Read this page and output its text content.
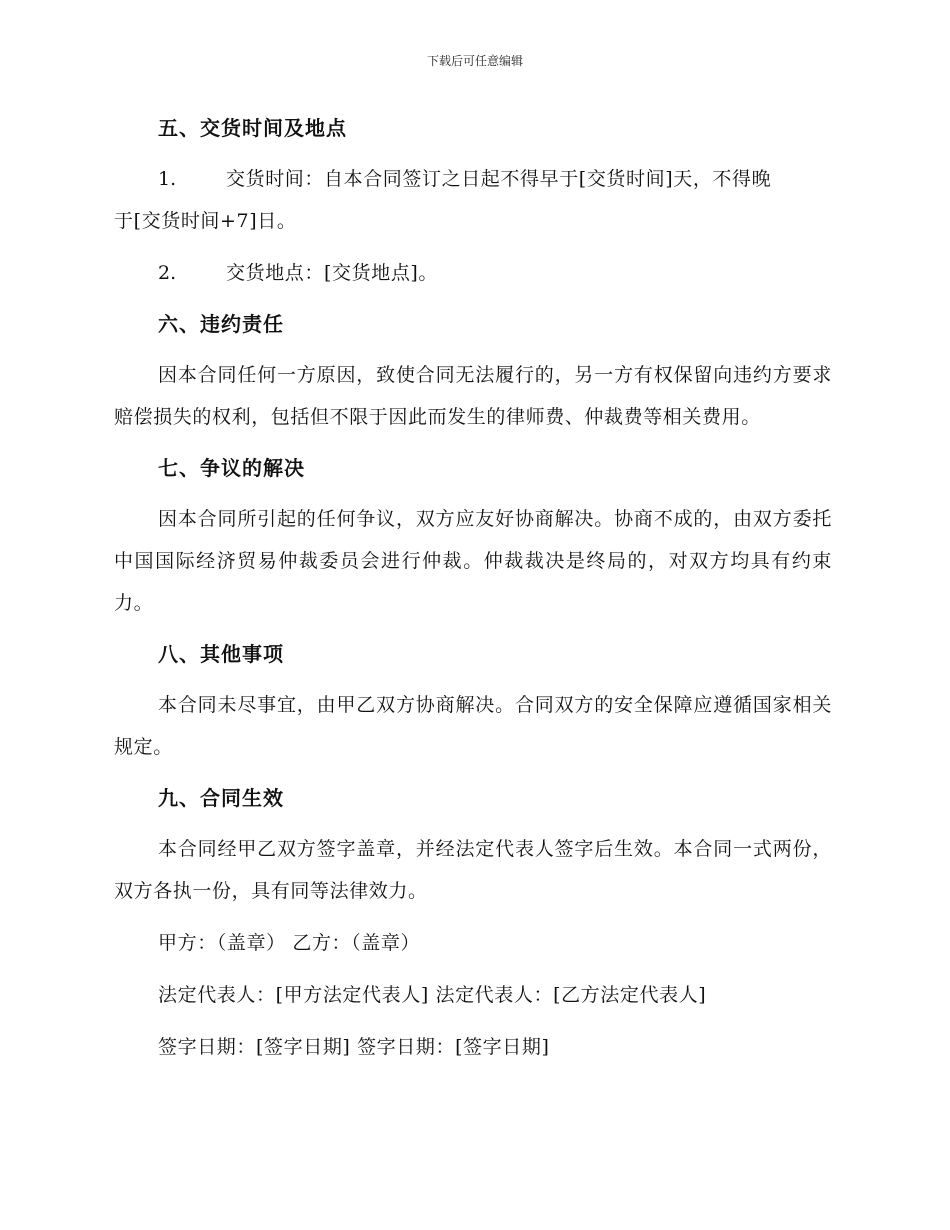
下载后可任意编辑
五、交货时间及地点
1.	交货时间：自本合同签订之日起不得早于[交货时间]天，不得晚
于[交货时间+7]日。
2.	交货地点：[交货地点]。
六、违约责任

因本合同任何一方原因，致使合同无法履行的，另一方有权保留向违约方要求赔偿损失的权利，包括但不限于因此而发生的律师费、仲裁费等相关费用。

七、争议的解决

因本合同所引起的任何争议，双方应友好协商解决。协商不成的，由双方委托中国国际经济贸易仲裁委员会进行仲裁。仲裁裁决是终局的，对双方均具有约束力。

八、其他事项

本合同未尽事宜，由甲乙双方协商解决。合同双方的安全保障应遵循国家相关规定。

九、合同生效

本合同经甲乙双方签字盖章，并经法定代表人签字后生效。本合同一式两份，双方各执一份，具有同等法律效力。

甲方：（盖章） 乙方：（盖章）
法定代表人：[甲方法定代表人] 法定代表人：[乙方法定代表人]
签字日期：[签字日期] 签字日期：[签字日期]
